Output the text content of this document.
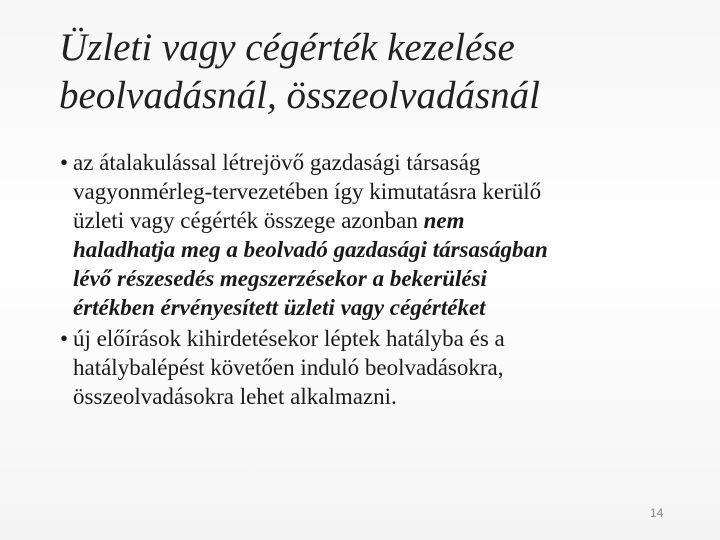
Üzleti vagy cégérték kezelése
beolvadásnál, összeolvadásnál
• az átalakulással létrejövő gazdasági társaság
vagyonmérleg-tervezetében így kimutatásra kerülő
üzleti vagy cégérték összege azonban nem
haladhatja meg a beolvadó gazdasági társaságban
lévő részesedés megszerzésekor a bekerülési
értékben érvényesített üzleti vagy cégértéket
• új előírások kihirdetésekor léptek hatályba és a
hatálybalépést követően induló beolvadásokra,
összeolvadásokra lehet alkalmazni.
14
